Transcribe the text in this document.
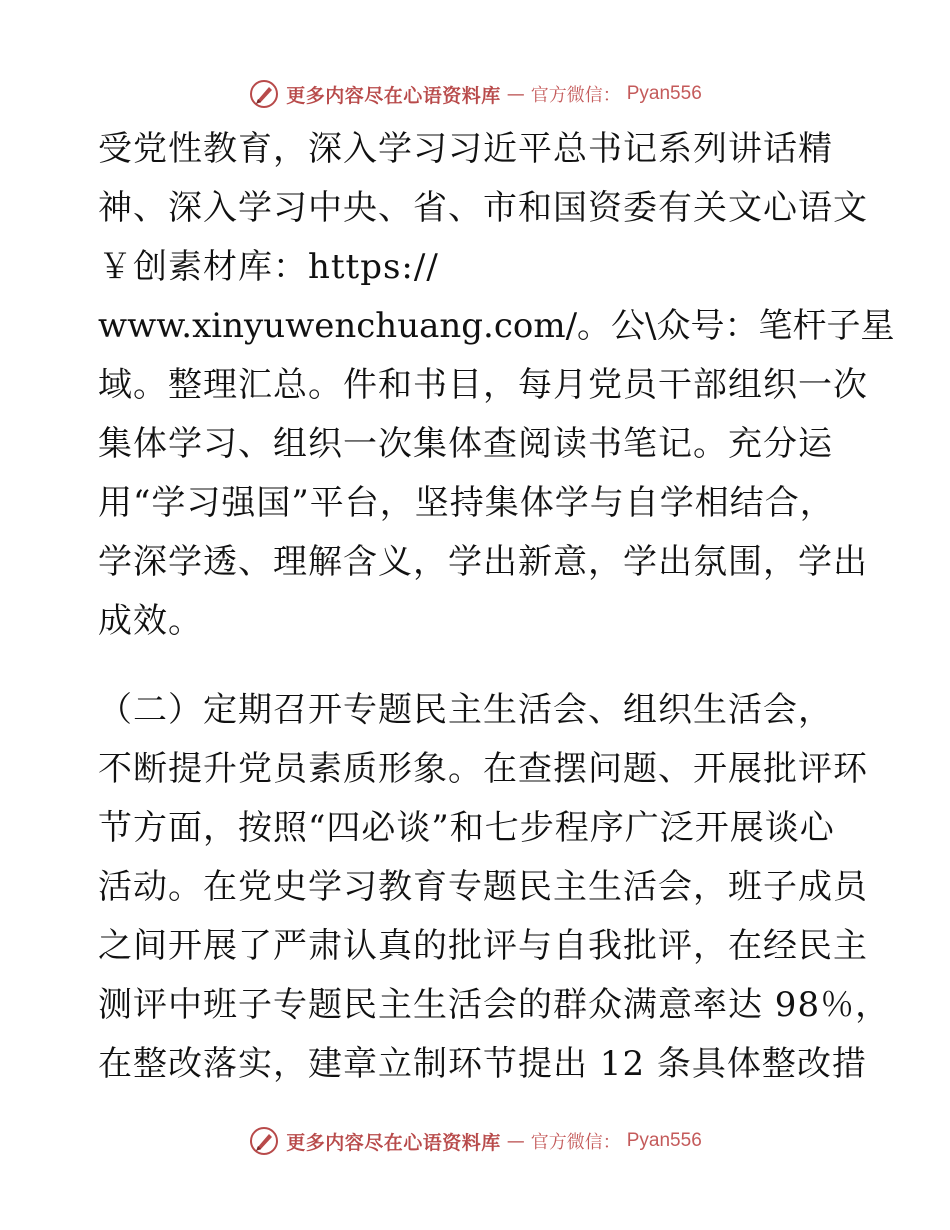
更多内容尽在心语资料库 — 官方微信： Pyan556
受党性教育，深入学习习近平总书记系列讲话精
神、深入学习中央、省、市和国资委有关文心语文
￥创素材库：https://
www.xinyuwenchuang.com/。公\众号：笔杆子星
域。整理汇总。件和书目，每月党员干部组织一次
集体学习、组织一次集体查阅读书笔记。充分运
用“学习强国”平台，坚持集体学与自学相结合，
学深学透、理解含义，学出新意，学出氛围，学出
成效。
（二）定期召开专题民主生活会、组织生活会，
不断提升党员素质形象。在查摆问题、开展批评环
节方面，按照“四必谈”和七步程序广泛开展谈心
活动。在党史学习教育专题民主生活会，班子成员
之间开展了严肃认真的批评与自我批评，在经民主
测评中班子专题民主生活会的群众满意率达 98％，
在整改落实，建章立制环节提出 12 条具体整改措
更多内容尽在心语资料库 — 官方微信： Pyan556
